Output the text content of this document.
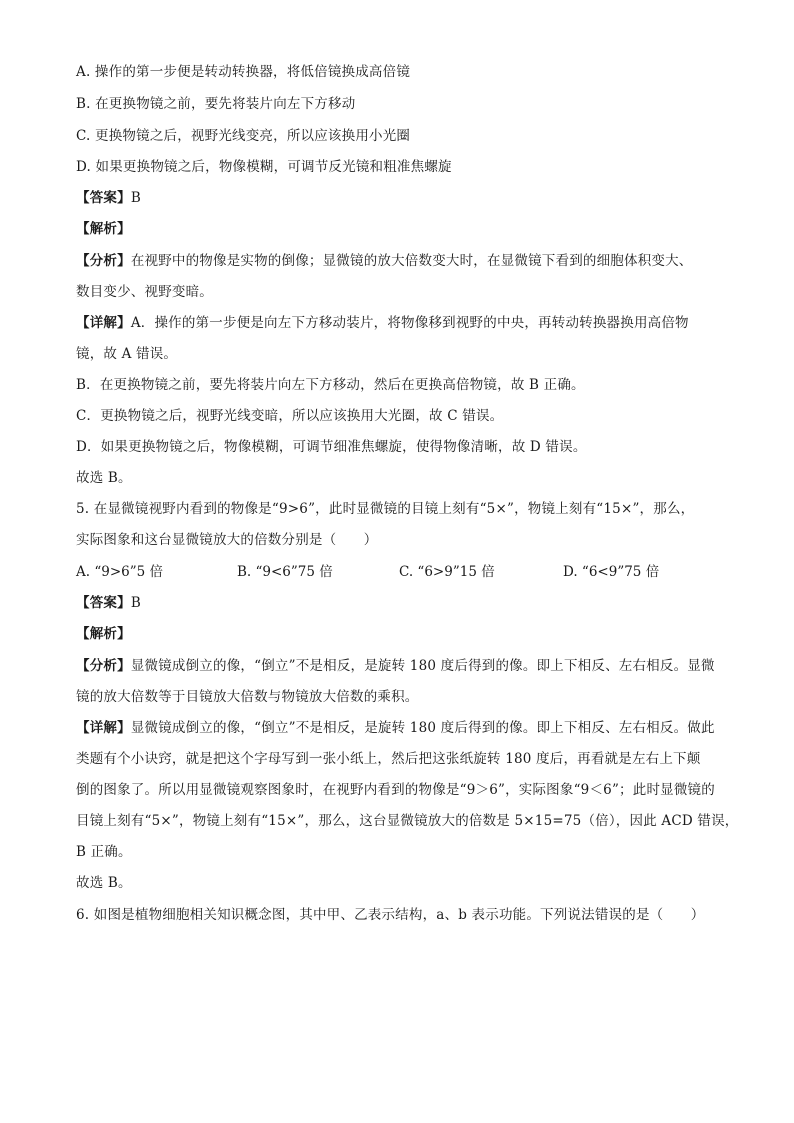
A. 操作的第一步便是转动转换器，将低倍镜换成高倍镜
B. 在更换物镜之前，要先将装片向左下方移动
C. 更换物镜之后，视野光线变亮，所以应该换用小光圈
D. 如果更换物镜之后，物像模糊，可调节反光镜和粗准焦螺旋
【答案】B
【解析】
【分析】在视野中的物像是实物的倒像；显微镜的放大倍数变大时，在显微镜下看到的细胞体积变大、
数目变少、视野变暗。
【详解】A．操作的第一步便是向左下方移动装片，将物像移到视野的中央，再转动转换器换用高倍物
镜，故 A 错误。
B．在更换物镜之前，要先将装片向左下方移动，然后在更换高倍物镜，故 B 正确。
C．更换物镜之后，视野光线变暗，所以应该换用大光圈，故 C 错误。
D．如果更换物镜之后，物像模糊，可调节细准焦螺旋，使得物像清晰，故 D 错误。
故选 B。
5. 在显微镜视野内看到的物像是“9>6”，此时显微镜的目镜上刻有“5×”，物镜上刻有“15×”，那么，
实际图象和这台显微镜放大的倍数分别是（　　）
A. “9>6”5 倍	B. “9<6”75 倍	C. “6>9”15 倍	D. “6<9”75 倍
【答案】B
【解析】
【分析】显微镜成倒立的像，“倒立”不是相反，是旋转 180 度后得到的像。即上下相反、左右相反。显微
镜的放大倍数等于目镜放大倍数与物镜放大倍数的乘积。
【详解】显微镜成倒立的像，“倒立”不是相反，是旋转 180 度后得到的像。即上下相反、左右相反。做此
类题有个小诀窍，就是把这个字母写到一张小纸上，然后把这张纸旋转 180 度后，再看就是左右上下颠
倒的图象了。所以用显微镜观察图象时，在视野内看到的物像是“9＞6”，实际图象“9＜6”；此时显微镜的
目镜上刻有“5×”，物镜上刻有“15×”，那么，这台显微镜放大的倍数是 5×15=75（倍），因此 ACD 错误，
B 正确。
故选 B。
6. 如图是植物细胞相关知识概念图，其中甲、乙表示结构，a、b 表示功能。下列说法错误的是（　　）
